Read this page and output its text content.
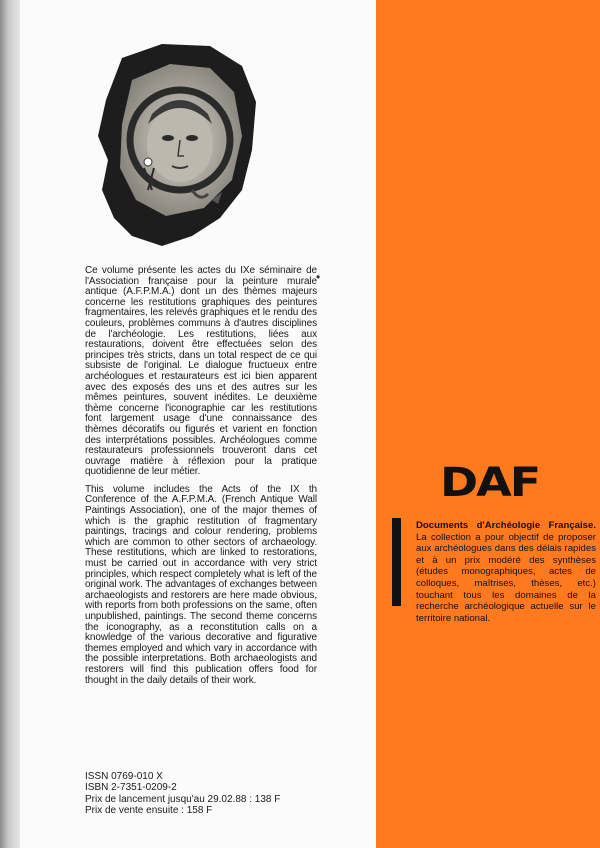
•

Ce volume présente les actes du IXe séminaire de l'Association française pour la peinture murale antique (A.F.P.M.A.) dont un des thèmes majeurs concerne les restitutions graphiques des peintures fragmentaires, les relevés graphiques et le rendu des couleurs, problèmes communs à d'autres disciplines de l'archéologie. Les restitutions, liées aux restaurations, doivent être effectuées selon des principes très stricts, dans un total respect de ce qui subsiste de l'original. Le dialogue fructueux entre archéologues et restaurateurs est ici bien apparent avec des exposés des uns et des autres sur les mêmes peintures, souvent inédites. Le deuxième thème concerne l'iconographie car les restitutions font largement usage d'une connaissance des thèmes décoratifs ou figurés et varient en fonction des interprétations possibles. Archéologues comme restaurateurs professionnels trouveront dans cet ouvrage matière à réflexion pour la pratique quotidienne de leur métier.

This volume includes the Acts of the IX th Conference of the A.F.P.M.A. (French Antique Wall Paintings Association), one of the major themes of which is the graphic restitution of fragmentary paintings, tracings and colour rendering, problems which are common to other sectors of archaeology. These restitutions, which are linked to restorations, must be carried out in accordance with very strict principles, which respect completely what is left of the original work. The advantages of exchanges between archaeologists and restorers are here made obvious, with reports from both professions on the same, often unpublished, paintings. The second theme concerns the iconography, as a reconstitution calls on a knowledge of the various decorative and figurative themes employed and which vary in accordance with the possible interpretations. Both archaeologists and restorers will find this publication offers food for thought in the daily details of their work.

ISSN 0769-010 X
ISBN 2-7351-0209-2
Prix de lancement jusqu'au 29.02.88 : 138 F
Prix de vente ensuite : 158 F
DAF
Documents d'Archéologie Française. La collection a pour objectif de proposer aux archéologues dans des délais rapides et à un prix modéré des synthèses (études monographiques, actes de colloques, maîtrises, thèses, etc.) touchant tous les domaines de la recherche archéologique actuelle sur le territoire national.
